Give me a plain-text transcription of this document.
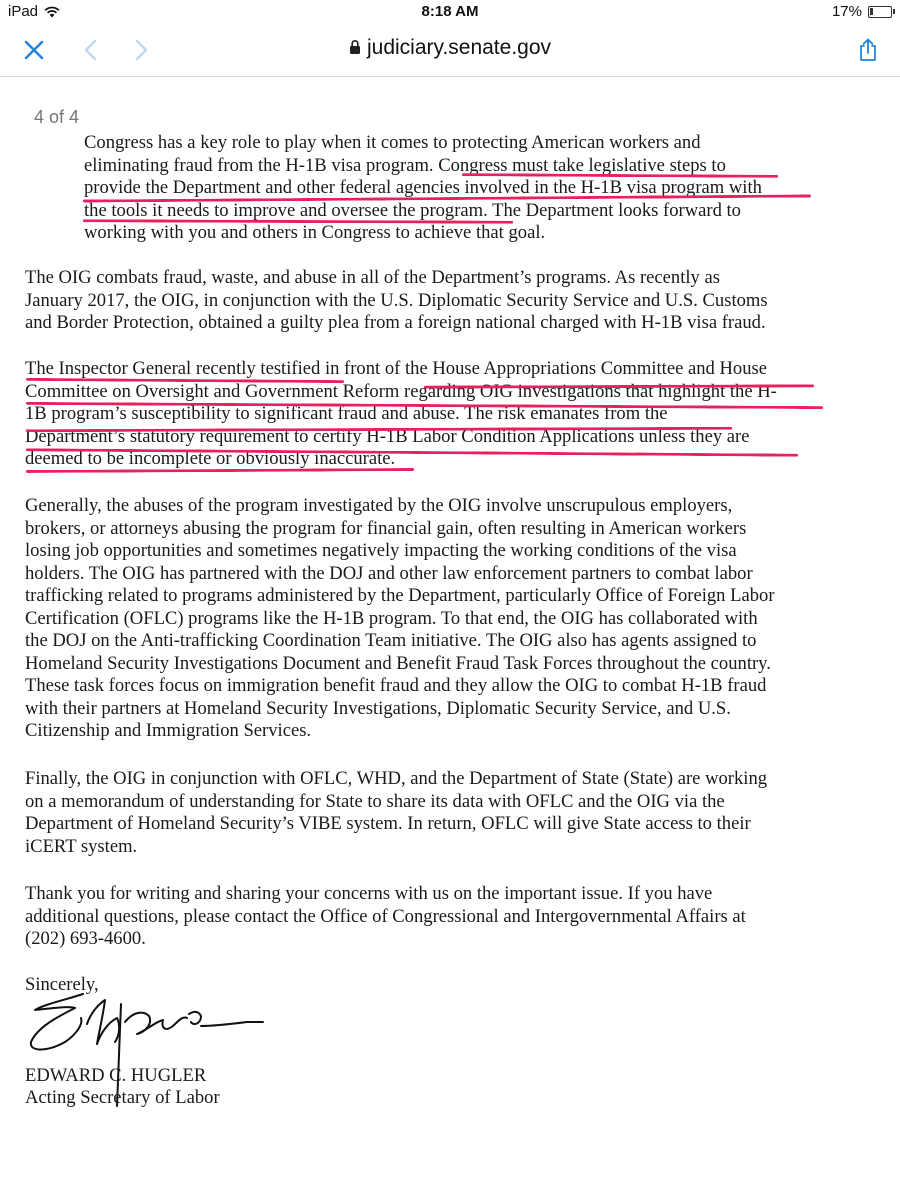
iPad	8:18 AM	17%
judiciary.senate.gov
4 of 4

Congress has a key role to play when it comes to protecting American workers and
eliminating fraud from the H-1B visa program. Congress must take legislative steps to
provide the Department and other federal agencies involved in the H-1B visa program with
the tools it needs to improve and oversee the program. The Department looks forward to
working with you and others in Congress to achieve that goal.

The OIG combats fraud, waste, and abuse in all of the Department’s programs. As recently as
January 2017, the OIG, in conjunction with the U.S. Diplomatic Security Service and U.S. Customs
and Border Protection, obtained a guilty plea from a foreign national charged with H-1B visa fraud.

The Inspector General recently testified in front of the House Appropriations Committee and House
Committee on Oversight and Government Reform regarding OIG investigations that highlight the H-
1B program’s susceptibility to significant fraud and abuse. The risk emanates from the
Department’s statutory requirement to certify H-1B Labor Condition Applications unless they are
deemed to be incomplete or obviously inaccurate.

Generally, the abuses of the program investigated by the OIG involve unscrupulous employers,
brokers, or attorneys abusing the program for financial gain, often resulting in American workers
losing job opportunities and sometimes negatively impacting the working conditions of the visa
holders. The OIG has partnered with the DOJ and other law enforcement partners to combat labor
trafficking related to programs administered by the Department, particularly Office of Foreign Labor
Certification (OFLC) programs like the H-1B program. To that end, the OIG has collaborated with
the DOJ on the Anti-trafficking Coordination Team initiative. The OIG also has agents assigned to
Homeland Security Investigations Document and Benefit Fraud Task Forces throughout the country.
These task forces focus on immigration benefit fraud and they allow the OIG to combat H-1B fraud
with their partners at Homeland Security Investigations, Diplomatic Security Service, and U.S.
Citizenship and Immigration Services.

Finally, the OIG in conjunction with OFLC, WHD, and the Department of State (State) are working
on a memorandum of understanding for State to share its data with OFLC and the OIG via the
Department of Homeland Security’s VIBE system. In return, OFLC will give State access to their
iCERT system.

Thank you for writing and sharing your concerns with us on the important issue. If you have
additional questions, please contact the Office of Congressional and Intergovernmental Affairs at
(202) 693-4600.

Sincerely,

EDWARD C. HUGLER

Acting Secretary of Labor
